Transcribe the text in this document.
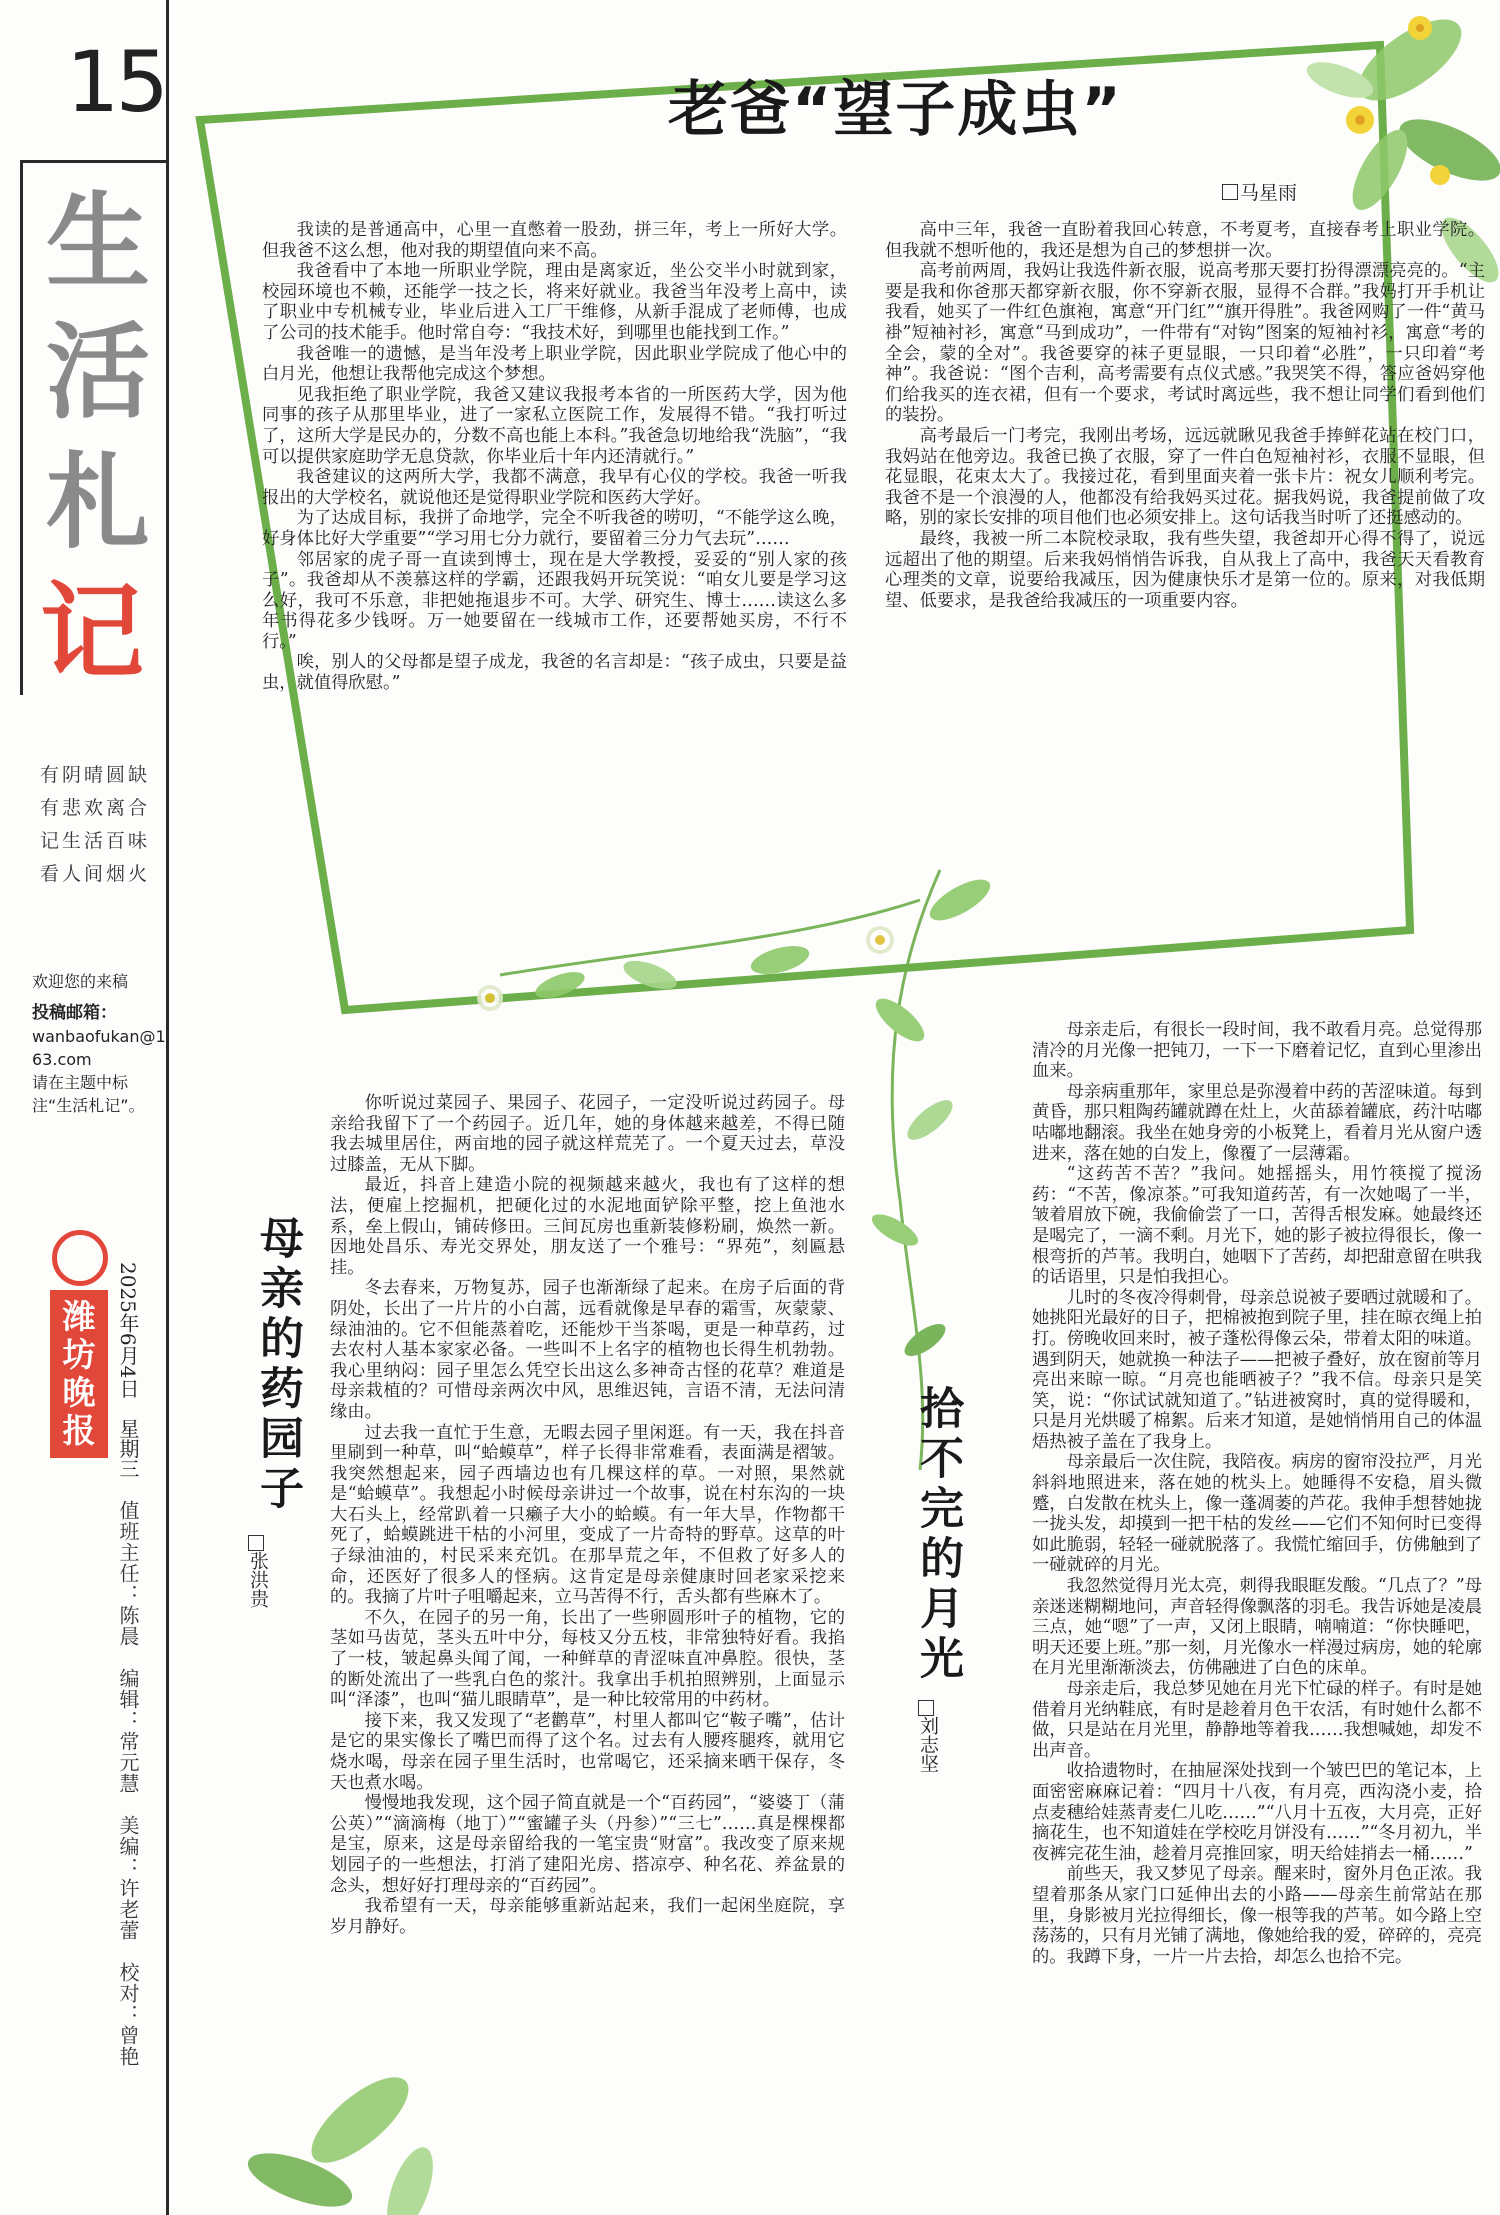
15
生
活
札
记
有阴晴圆缺
有悲欢离合
记生活百味
看人间烟火
欢迎您的来稿
投稿邮箱：
wanbaofukan@163.com
请在主题中标注“生活札记”。
潍坊晚报 2025年6月4日　星期三
值班主任：陈晨　编辑：常元慧　美编：许老蕾　校对：曾艳
老爸“望子成虫”
马星雨

我读的是普通高中，心里一直憋着一股劲，拼三年，考上一所好大学。但我爸不这么想，他对我的期望值向来不高。

我爸看中了本地一所职业学院，理由是离家近，坐公交半小时就到家，校园环境也不赖，还能学一技之长，将来好就业。我爸当年没考上高中，读了职业中专机械专业，毕业后进入工厂干维修，从新手混成了老师傅，也成了公司的技术能手。他时常自夸：“我技术好，到哪里也能找到工作。”

我爸唯一的遗憾，是当年没考上职业学院，因此职业学院成了他心中的白月光，他想让我帮他完成这个梦想。

见我拒绝了职业学院，我爸又建议我报考本省的一所医药大学，因为他同事的孩子从那里毕业，进了一家私立医院工作，发展得不错。“我打听过了，这所大学是民办的，分数不高也能上本科。”我爸急切地给我“洗脑”，“我可以提供家庭助学无息贷款，你毕业后十年内还清就行。”

我爸建议的这两所大学，我都不满意，我早有心仪的学校。我爸一听我报出的大学校名，就说他还是觉得职业学院和医药大学好。

为了达成目标，我拼了命地学，完全不听我爸的唠叨，“不能学这么晚，好身体比好大学重要”“学习用七分力就行，要留着三分力气去玩”……

邻居家的虎子哥一直读到博士，现在是大学教授，妥妥的“别人家的孩子”。我爸却从不羡慕这样的学霸，还跟我妈开玩笑说：“咱女儿要是学习这么好，我可不乐意，非把她拖退步不可。大学、研究生、博士……读这么多年书得花多少钱呀。万一她要留在一线城市工作，还要帮她买房，不行不行。”

唉，别人的父母都是望子成龙，我爸的名言却是：“孩子成虫，只要是益虫，就值得欣慰。”

高中三年，我爸一直盼着我回心转意，不考夏考，直接春考上职业学院。但我就不想听他的，我还是想为自己的梦想拼一次。

高考前两周，我妈让我选件新衣服，说高考那天要打扮得漂漂亮亮的。“主要是我和你爸那天都穿新衣服，你不穿新衣服，显得不合群。”我妈打开手机让我看，她买了一件红色旗袍，寓意“开门红”“旗开得胜”。我爸网购了一件“黄马褂”短袖衬衫，寓意“马到成功”，一件带有“对钩”图案的短袖衬衫，寓意“考的全会，蒙的全对”。我爸要穿的袜子更显眼，一只印着“必胜”，一只印着“考神”。我爸说：“图个吉利，高考需要有点仪式感。”我哭笑不得，答应爸妈穿他们给我买的连衣裙，但有一个要求，考试时离远些，我不想让同学们看到他们的装扮。

高考最后一门考完，我刚出考场，远远就瞅见我爸手捧鲜花站在校门口，我妈站在他旁边。我爸已换了衣服，穿了一件白色短袖衬衫，衣服不显眼，但花显眼，花束太大了。我接过花，看到里面夹着一张卡片：祝女儿顺利考完。我爸不是一个浪漫的人，他都没有给我妈买过花。据我妈说，我爸提前做了攻略，别的家长安排的项目他们也必须安排上。这句话我当时听了还挺感动的。

最终，我被一所二本院校录取，我有些失望，我爸却开心得不得了，说远远超出了他的期望。后来我妈悄悄告诉我，自从我上了高中，我爸天天看教育心理类的文章，说要给我减压，因为健康快乐才是第一位的。原来，对我低期望、低要求，是我爸给我减压的一项重要内容。

母亲的药园子
张洪贵

你听说过菜园子、果园子、花园子，一定没听说过药园子。母亲给我留下了一个药园子。近几年，她的身体越来越差，不得已随我去城里居住，两亩地的园子就这样荒芜了。一个夏天过去，草没过膝盖，无从下脚。

最近，抖音上建造小院的视频越来越火，我也有了这样的想法，便雇上挖掘机，把硬化过的水泥地面铲除平整，挖上鱼池水系，垒上假山，铺砖修田。三间瓦房也重新装修粉刷，焕然一新。因地处昌乐、寿光交界处，朋友送了一个雅号：“界苑”，刻匾悬挂。

冬去春来，万物复苏，园子也渐渐绿了起来。在房子后面的背阴处，长出了一片片的小白蒿，远看就像是早春的霜雪，灰蒙蒙、绿油油的。它不但能蒸着吃，还能炒干当茶喝，更是一种草药，过去农村人基本家家必备。一些叫不上名字的植物也长得生机勃勃。我心里纳闷：园子里怎么凭空长出这么多神奇古怪的花草？难道是母亲栽植的？可惜母亲两次中风，思维迟钝，言语不清，无法问清缘由。

过去我一直忙于生意，无暇去园子里闲逛。有一天，我在抖音里刷到一种草，叫“蛤蟆草”，样子长得非常难看，表面满是褶皱。我突然想起来，园子西墙边也有几棵这样的草。一对照，果然就是“蛤蟆草”。我想起小时候母亲讲过一个故事，说在村东沟的一块大石头上，经常趴着一只癞子大小的蛤蟆。有一年大旱，作物都干死了，蛤蟆跳进干枯的小河里，变成了一片奇特的野草。这草的叶子绿油油的，村民采来充饥。在那旱荒之年，不但救了好多人的命，还医好了很多人的怪病。这肯定是母亲健康时回老家采挖来的。我摘了片叶子咀嚼起来，立马苦得不行，舌头都有些麻木了。

不久，在园子的另一角，长出了一些卵圆形叶子的植物，它的茎如马齿苋，茎头五叶中分，每枝又分五枝，非常独特好看。我掐了一枝，皱起鼻头闻了闻，一种鲜草的青涩味直冲鼻腔。很快，茎的断处流出了一些乳白色的浆汁。我拿出手机拍照辨别，上面显示叫“泽漆”，也叫“猫儿眼睛草”，是一种比较常用的中药材。

接下来，我又发现了“老鹳草”，村里人都叫它“鞍子嘴”，估计是它的果实像长了嘴巴而得了这个名。过去有人腰疼腿疼，就用它烧水喝，母亲在园子里生活时，也常喝它，还采摘来晒干保存，冬天也煮水喝。

慢慢地我发现，这个园子简直就是一个“百药园”，“婆婆丁（蒲公英）”“滴滴梅（地丁）”“蜜罐子头（丹参）”“三七”……真是棵棵都是宝，原来，这是母亲留给我的一笔宝贵“财富”。我改变了原来规划园子的一些想法，打消了建阳光房、搭凉亭、种名花、养盆景的念头，想好好打理母亲的“百药园”。

我希望有一天，母亲能够重新站起来，我们一起闲坐庭院，享岁月静好。

拾不完的月光
刘志坚

母亲走后，有很长一段时间，我不敢看月亮。总觉得那清冷的月光像一把钝刀，一下一下磨着记忆，直到心里渗出血来。

母亲病重那年，家里总是弥漫着中药的苦涩味道。每到黄昏，那只粗陶药罐就蹲在灶上，火苗舔着罐底，药汁咕嘟咕嘟地翻滚。我坐在她身旁的小板凳上，看着月光从窗户透进来，落在她的白发上，像覆了一层薄霜。

“这药苦不苦？”我问。她摇摇头，用竹筷搅了搅汤药：“不苦，像凉茶。”可我知道药苦，有一次她喝了一半，皱着眉放下碗，我偷偷尝了一口，苦得舌根发麻。她最终还是喝完了，一滴不剩。月光下，她的影子被拉得很长，像一根弯折的芦苇。我明白，她咽下了苦药，却把甜意留在哄我的话语里，只是怕我担心。

儿时的冬夜冷得刺骨，母亲总说被子要晒过就暖和了。她挑阳光最好的日子，把棉被抱到院子里，挂在晾衣绳上拍打。傍晚收回来时，被子蓬松得像云朵，带着太阳的味道。遇到阴天，她就换一种法子——把被子叠好，放在窗前等月亮出来晾一晾。“月亮也能晒被子？”我不信。母亲只是笑笑，说：“你试试就知道了。”钻进被窝时，真的觉得暖和，只是月光烘暖了棉絮。后来才知道，是她悄悄用自己的体温焐热被子盖在了我身上。

母亲最后一次住院，我陪夜。病房的窗帘没拉严，月光斜斜地照进来，落在她的枕头上。她睡得不安稳，眉头微蹙，白发散在枕头上，像一蓬凋萎的芦花。我伸手想替她拢一拢头发，却摸到一把干枯的发丝——它们不知何时已变得如此脆弱，轻轻一碰就脱落了。我慌忙缩回手，仿佛触到了一碰就碎的月光。

我忽然觉得月光太亮，刺得我眼眶发酸。“几点了？”母亲迷迷糊糊地问，声音轻得像飘落的羽毛。我告诉她是凌晨三点，她“嗯”了一声，又闭上眼睛，喃喃道：“你快睡吧，明天还要上班。”那一刻，月光像水一样漫过病房，她的轮廓在月光里渐渐淡去，仿佛融进了白色的床单。

母亲走后，我总梦见她在月光下忙碌的样子。有时是她借着月光纳鞋底，有时是趁着月色干农活，有时她什么都不做，只是站在月光里，静静地等着我……我想喊她，却发不出声音。

收拾遗物时，在抽屉深处找到一个皱巴巴的笔记本，上面密密麻麻记着：“四月十八夜，有月亮，西沟浇小麦，拾点麦穗给娃蒸青麦仁儿吃……”“八月十五夜，大月亮，正好摘花生，也不知道娃在学校吃月饼没有……”“冬月初九，半夜裤完花生油，趁着月亮推回家，明天给娃捎去一桶……”

前些天，我又梦见了母亲。醒来时，窗外月色正浓。我望着那条从家门口延伸出去的小路——母亲生前常站在那里，身影被月光拉得细长，像一根等我的芦苇。如今路上空荡荡的，只有月光铺了满地，像她给我的爱，碎碎的，亮亮的。我蹲下身，一片一片去拾，却怎么也拾不完。
